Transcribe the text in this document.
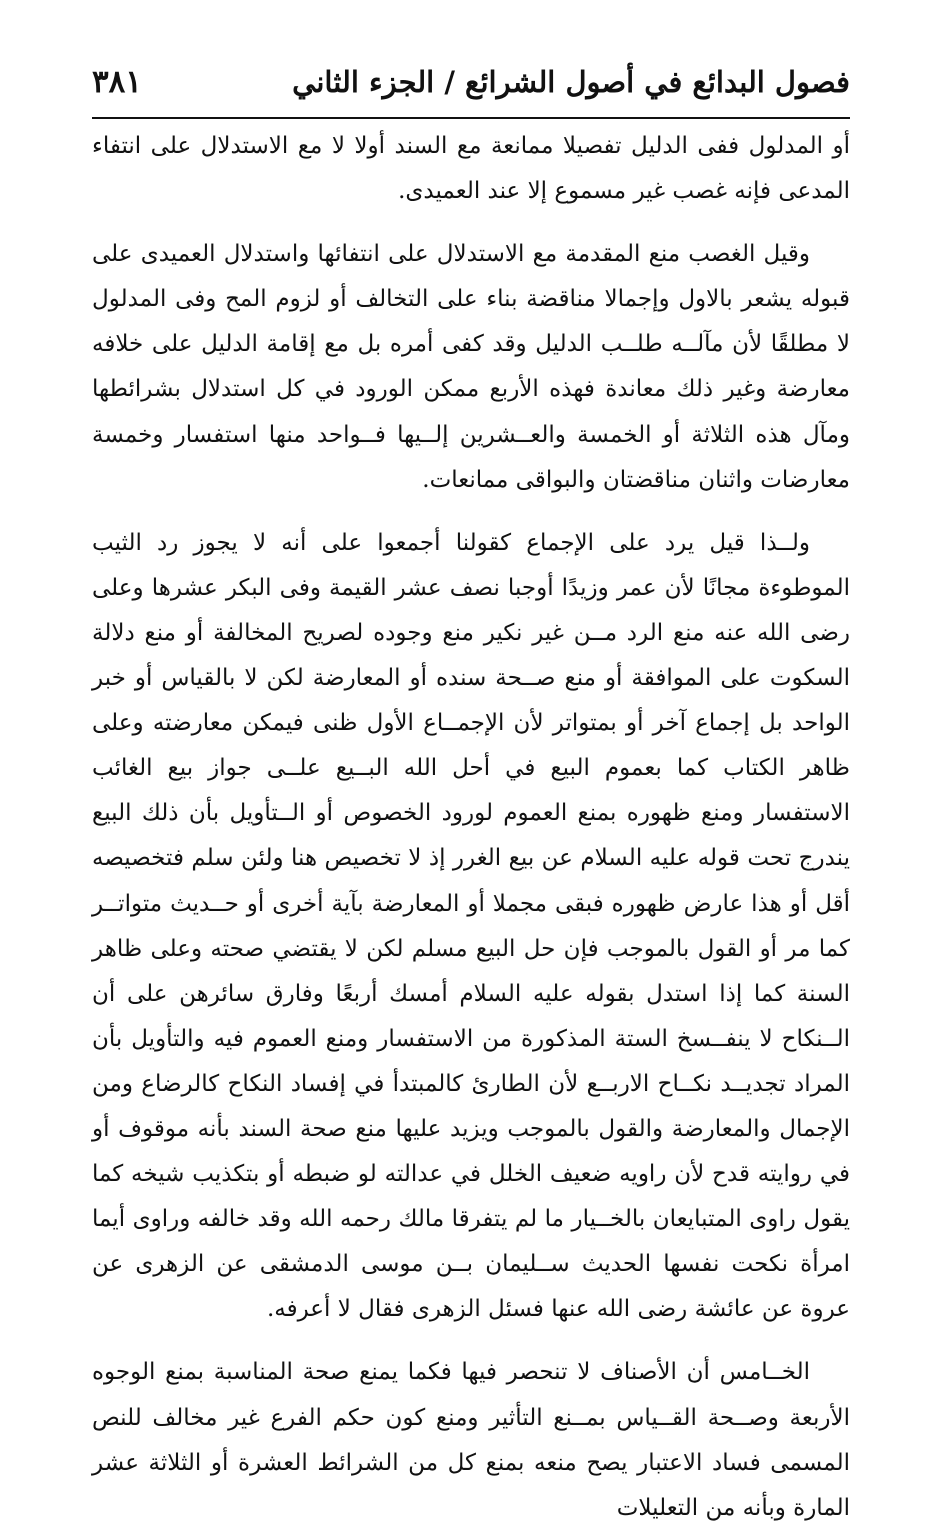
فصول البدائع في أصول الشرائع / الجزء الثاني
٣٨١

أو المدلول ففى الدليل تفصيلا ممانعة مع السند أولا لا مع الاستدلال على انتفاء المدعى فإنه غصب غير مسموع إلا عند العميدى.

وقيل الغصب منع المقدمة مع الاستدلال على انتفائها واستدلال العميدى على قبوله يشعر بالاول وإجمالا مناقضة بناء على التخالف أو لزوم المح وفى المدلول لا مطلقًا لأن مآلــه طلــب الدليل وقد كفى أمره بل مع إقامة الدليل على خلافه معارضة وغير ذلك معاندة فهذه الأربع ممكن الورود في كل استدلال بشرائطها ومآل هذه الثلاثة أو الخمسة والعــشرين إلــيها فــواحد منها استفسار وخمسة معارضات واثنان مناقضتان والبواقى ممانعات.

ولــذا قيل يرد على الإجماع كقولنا أجمعوا على أنه لا يجوز رد الثيب الموطوءة مجانًا لأن عمر وزيدًا أوجبا نصف عشر القيمة وفى البكر عشرها وعلى رضى الله عنه منع الرد مــن غير نكير منع وجوده لصريح المخالفة أو منع دلالة السكوت على الموافقة أو منع صــحة سنده أو المعارضة لكن لا بالقياس أو خبر الواحد بل إجماع آخر أو بمتواتر لأن الإجمــاع الأول ظنى فيمكن معارضته وعلى ظاهر الكتاب كما بعموم البيع في أحل الله البــيع علــى جواز بيع الغائب الاستفسار ومنع ظهوره بمنع العموم لورود الخصوص أو الــتأويل بأن ذلك البيع يندرج تحت قوله عليه السلام عن بيع الغرر إذ لا تخصيص هنا ولئن سلم فتخصيصه أقل أو هذا عارض ظهوره فبقى مجملا أو المعارضة بآية أخرى أو حــديث متواتــر كما مر أو القول بالموجب فإن حل البيع مسلم لكن لا يقتضي صحته وعلى ظاهر السنة كما إذا استدل بقوله عليه السلام أمسك أربعًا وفارق سائرهن على أن الــنكاح لا ينفــسخ الستة المذكورة من الاستفسار ومنع العموم فيه والتأويل بأن المراد تجديــد نكــاح الاربــع لأن الطارئ كالمبتدأ في إفساد النكاح كالرضاع ومن الإجمال والمعارضة والقول بالموجب ويزيد عليها منع صحة السند بأنه موقوف أو في روايته قدح لأن راويه ضعيف الخلل في عدالته لو ضبطه أو بتكذيب شيخه كما يقول راوى المتبايعان بالخــيار ما لم يتفرقا مالك رحمه الله وقد خالفه وراوى أيما امرأة نكحت نفسها الحديث ســليمان بــن موسى الدمشقى عن الزهرى عن عروة عن عائشة رضى الله عنها فسئل الزهرى فقال لا أعرفه.

الخــامس أن الأصناف لا تنحصر فيها فكما يمنع صحة المناسبة بمنع الوجوه الأربعة وصــحة القــياس بمــنع التأثير ومنع كون حكم الفرع غير مخالف للنص المسمى فساد الاعتبار يصح منعه بمنع كل من الشرائط العشرة أو الثلاثة عشر المارة وبأنه من التعليلات
